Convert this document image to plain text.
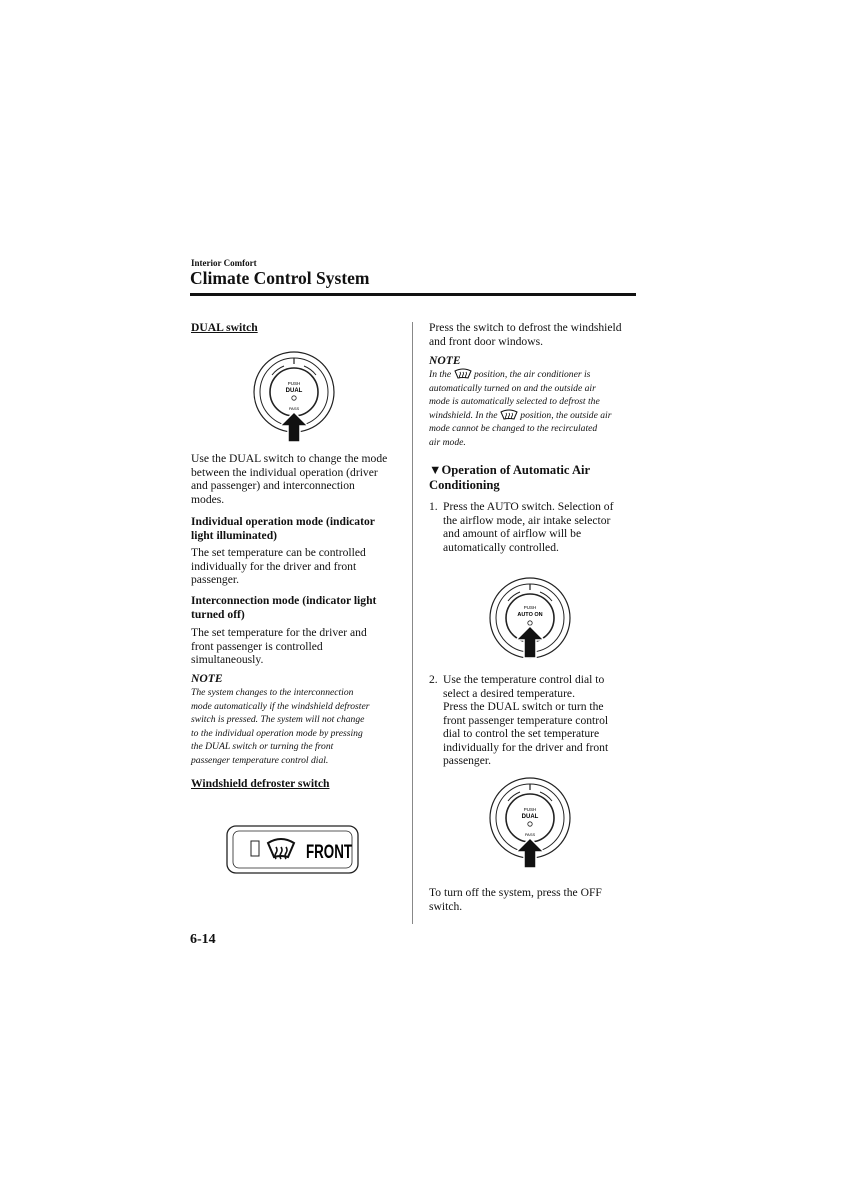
Interior Comfort
Climate Control System
DUAL switch
PUSH
DUAL
PASS
Use the DUAL switch to change the mode
between the individual operation (driver
and passenger) and interconnection
modes.
Individual operation mode (indicator
light illuminated)
The set temperature can be controlled
individually for the driver and front
passenger.
Interconnection mode (indicator light
turned off)
The set temperature for the driver and
front passenger is controlled
simultaneously.
NOTE
The system changes to the interconnection
mode automatically if the windshield defroster
switch is pressed. The system will not change
to the individual operation mode by pressing
the DUAL switch or turning the front
passenger temperature control dial.
Windshield defroster switch
FRONT
Press the switch to defrost the windshield
and front door windows.
NOTE
In the position, the air conditioner is
automatically turned on and the outside air
mode is automatically selected to defrost the
windshield. In the position, the outside air
mode cannot be changed to the recirculated
air mode.
▼Operation of Automatic Air
Conditioning
1. Press the AUTO switch. Selection of
the airflow mode, air intake selector
and amount of airflow will be
automatically controlled.
PUSH
AUTO ON
2. Use the temperature control dial to
select a desired temperature.
Press the DUAL switch or turn the
front passenger temperature control
dial to control the set temperature
individually for the driver and front
passenger.
PUSH
DUAL
PASS
To turn off the system, press the OFF
switch.
6-14
